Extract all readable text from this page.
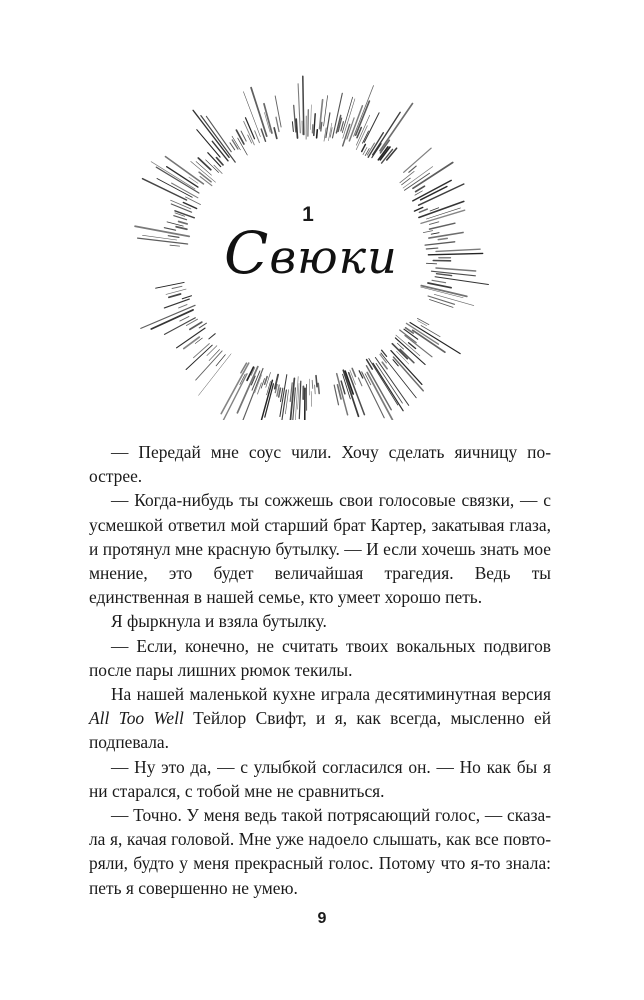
1
Свюки

— Передай мне соус чили. Хочу сделать яичницу поострее.

— Когда-нибудь ты сожжешь свои голосовые связки, — с усмешкой ответил мой старший брат Картер, закатывая глаза, и протянул мне красную бутылку. — И если хочешь знать мое мнение, это будет величайшая трагедия. Ведь ты единственная в нашей семье, кто умеет хорошо петь.

Я фыркнула и взяла бутылку.

— Если, конечно, не считать твоих вокальных подвигов после пары лишних рюмок текилы.

На нашей маленькой кухне играла десятиминутная версия All Too Well Тейлор Свифт, и я, как всегда, мысленно ей подпевала.

— Ну это да, — с улыбкой согласился он. — Но как бы я ни старался, с тобой мне не сравниться.

— Точно. У меня ведь такой потрясающий голос, — сказала я, качая головой. Мне уже надоело слышать, как все повторяли, будто у меня прекрасный голос. Потому что я-то знала: петь я совершенно не умею.

9
